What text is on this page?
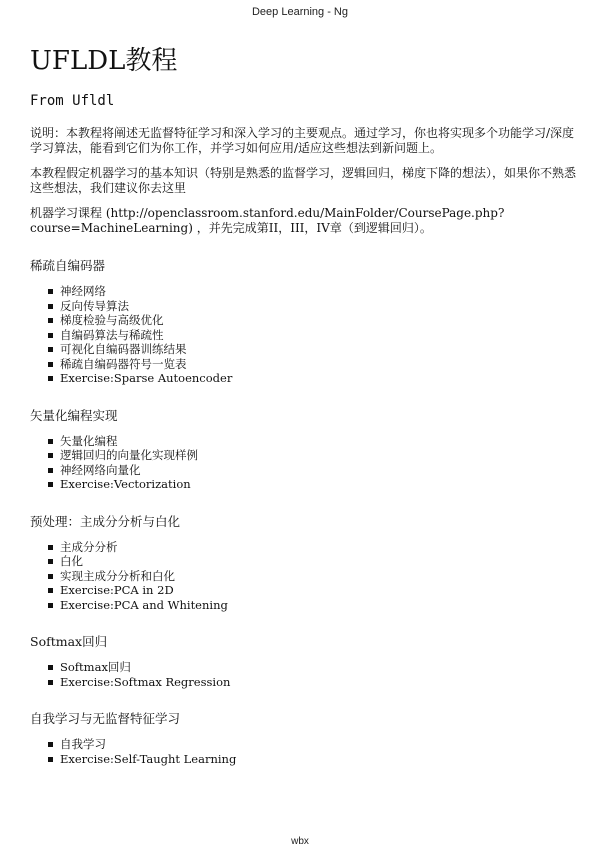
Deep Learning - Ng
UFLDL教程
From Ufldl

说明：本教程将阐述无监督特征学习和深入学习的主要观点。通过学习，你也将实现多个功能学习/深度学习算法，能看到它们为你工作，并学习如何应用/适应这些想法到新问题上。

本教程假定机器学习的基本知识（特别是熟悉的监督学习，逻辑回归，梯度下降的想法），如果你不熟悉这些想法，我们建议你去这里

机器学习课程 (http://openclassroom.stanford.edu/MainFolder/CoursePage.php?course=MachineLearning) ，并先完成第II，III，IV章（到逻辑回归）。

稀疏自编码器
神经网络
反向传导算法
梯度检验与高级优化
自编码算法与稀疏性
可视化自编码器训练结果
稀疏自编码器符号一览表
Exercise:Sparse Autoencoder
矢量化编程实现
矢量化编程
逻辑回归的向量化实现样例
神经网络向量化
Exercise:Vectorization
预处理：主成分分析与白化
主成分分析
白化
实现主成分分析和白化
Exercise:PCA in 2D
Exercise:PCA and Whitening
Softmax回归
Softmax回归
Exercise:Softmax Regression
自我学习与无监督特征学习
自我学习
Exercise:Self-Taught Learning
wbx
